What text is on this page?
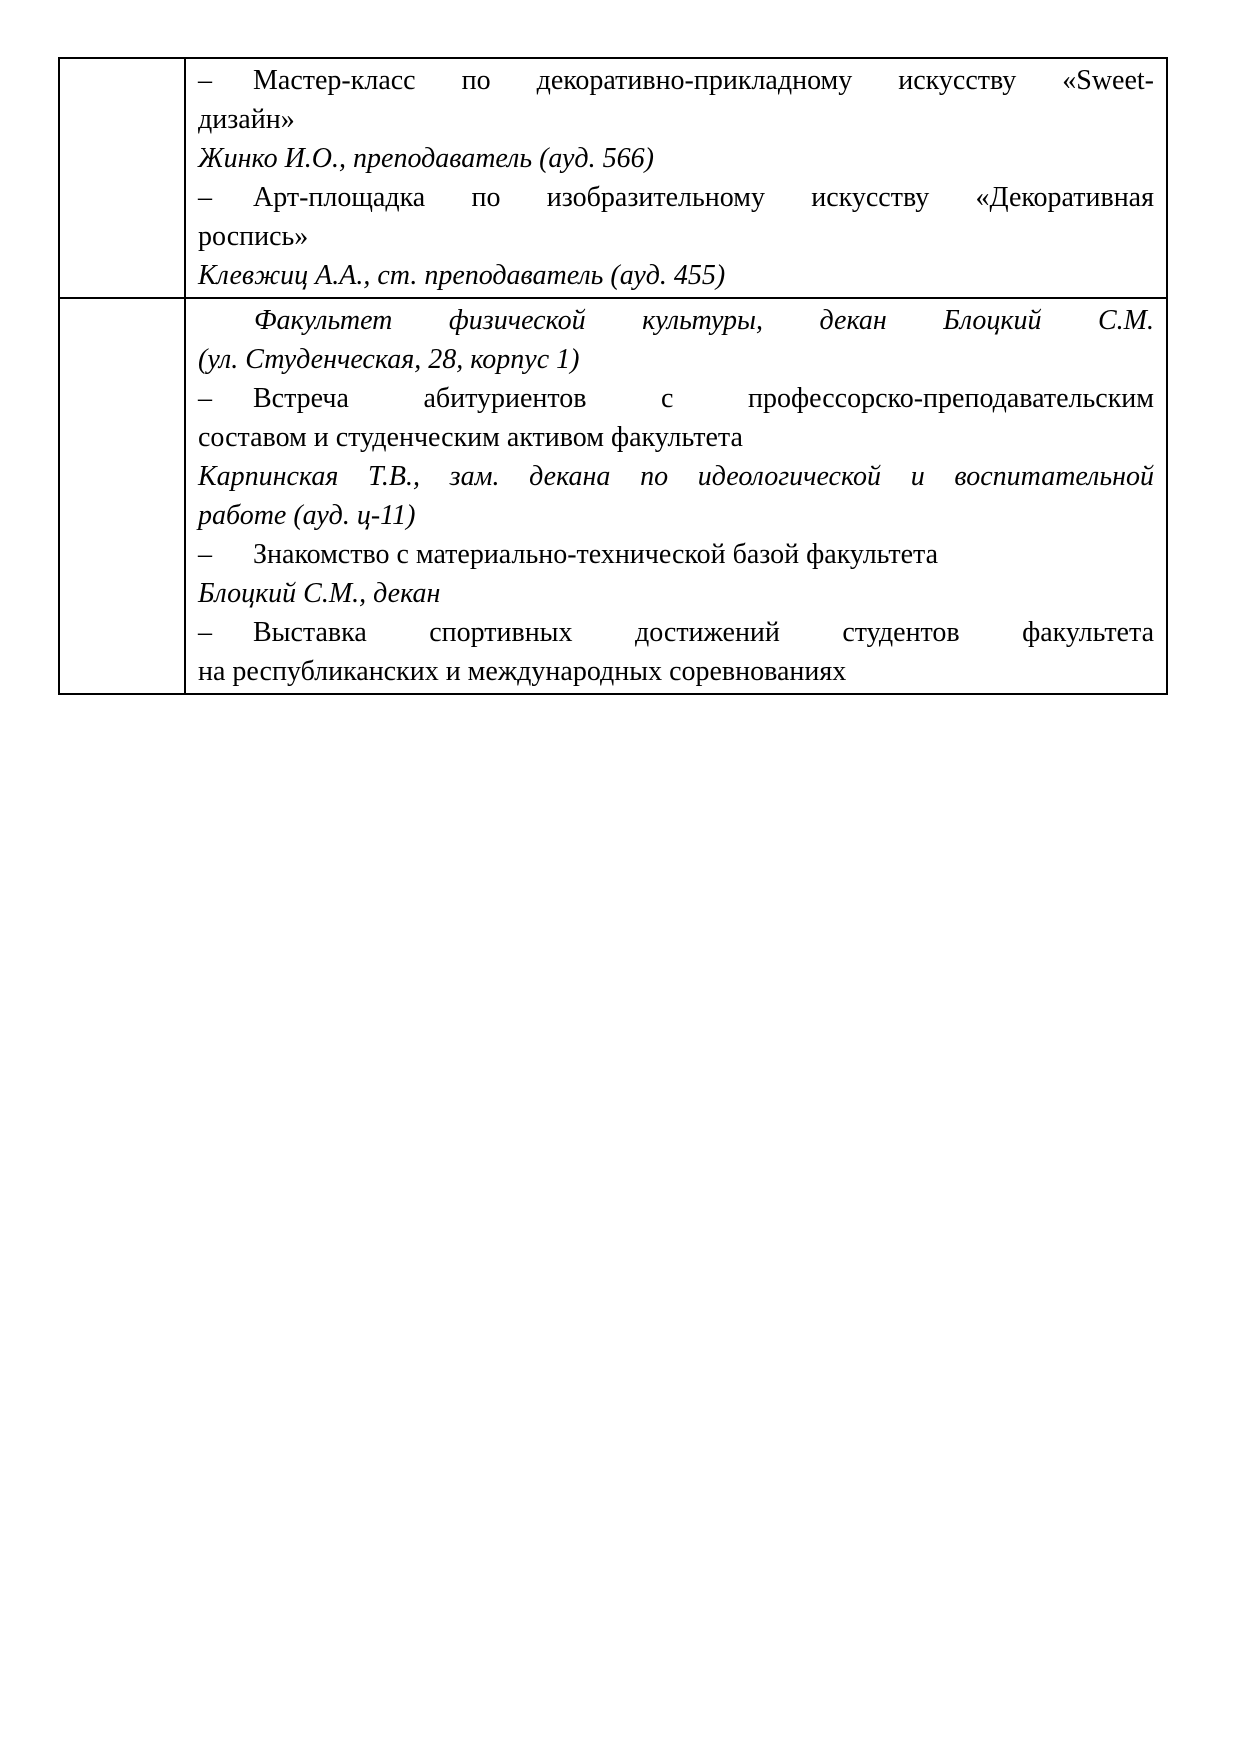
– Мастер-класс по декоративно-прикладному искусству «Sweet-
дизайн»
Жинко И.О., преподаватель (ауд. 566)
– Арт-площадка по изобразительному искусству «Декоративная
роспись»
Клевжиц А.А., ст. преподаватель (ауд. 455)
Факультет физической культуры, декан Блоцкий С.М.
(ул. Студенческая, 28, корпус 1)
– Встреча абитуриентов с профессорско-преподавательским
составом и студенческим активом факультета
Карпинская Т.В., зам. декана по идеологической и воспитательной
работе (ауд. ц-11)
– Знакомство с материально-технической базой факультета
Блоцкий С.М., декан
– Выставка спортивных достижений студентов факультета
на республиканских и международных соревнованиях
